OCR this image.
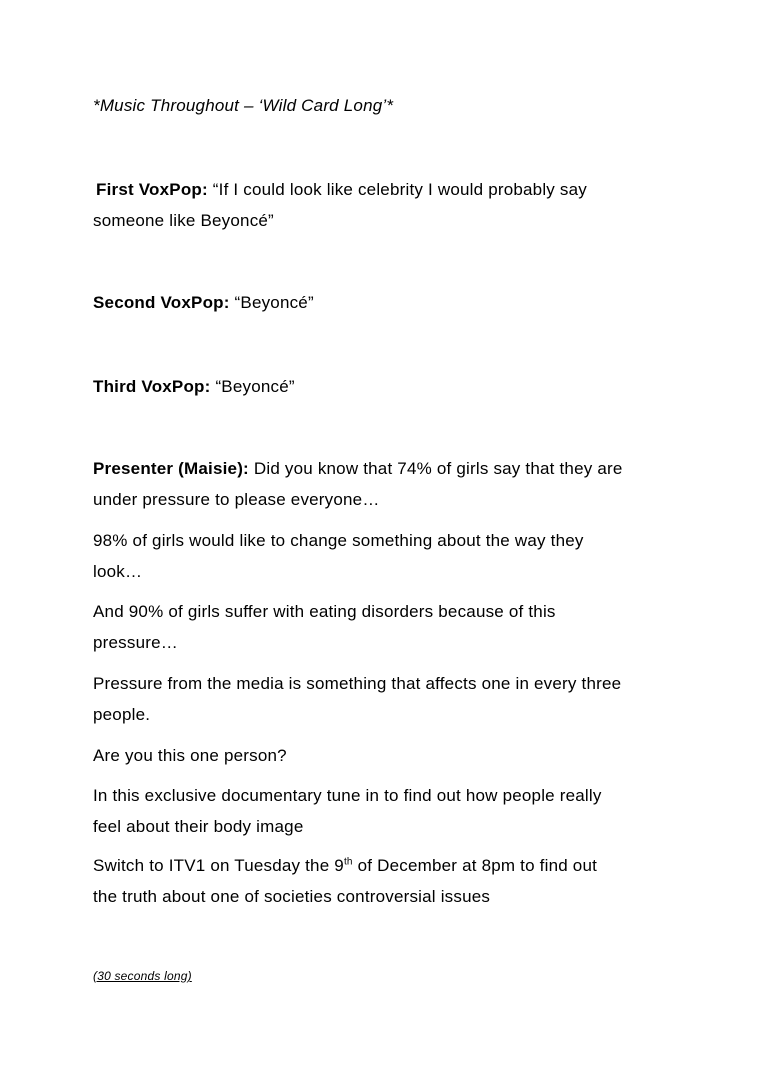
*Music Throughout – ‘Wild Card Long’*
First VoxPop: “If I could look like celebrity I would probably say
someone like Beyoncé”
Second VoxPop: “Beyoncé”
Third VoxPop: “Beyoncé”
Presenter (Maisie): Did you know that 74% of girls say that they are
under pressure to please everyone…
98% of girls would like to change something about the way they
look…
And 90% of girls suffer with eating disorders because of this
pressure…
Pressure from the media is something that affects one in every three
people.
Are you this one person?
In this exclusive documentary tune in to find out how people really
feel about their body image
Switch to ITV1 on Tuesday the 9th of December at 8pm to find out
the truth about one of societies controversial issues
(30 seconds long)
